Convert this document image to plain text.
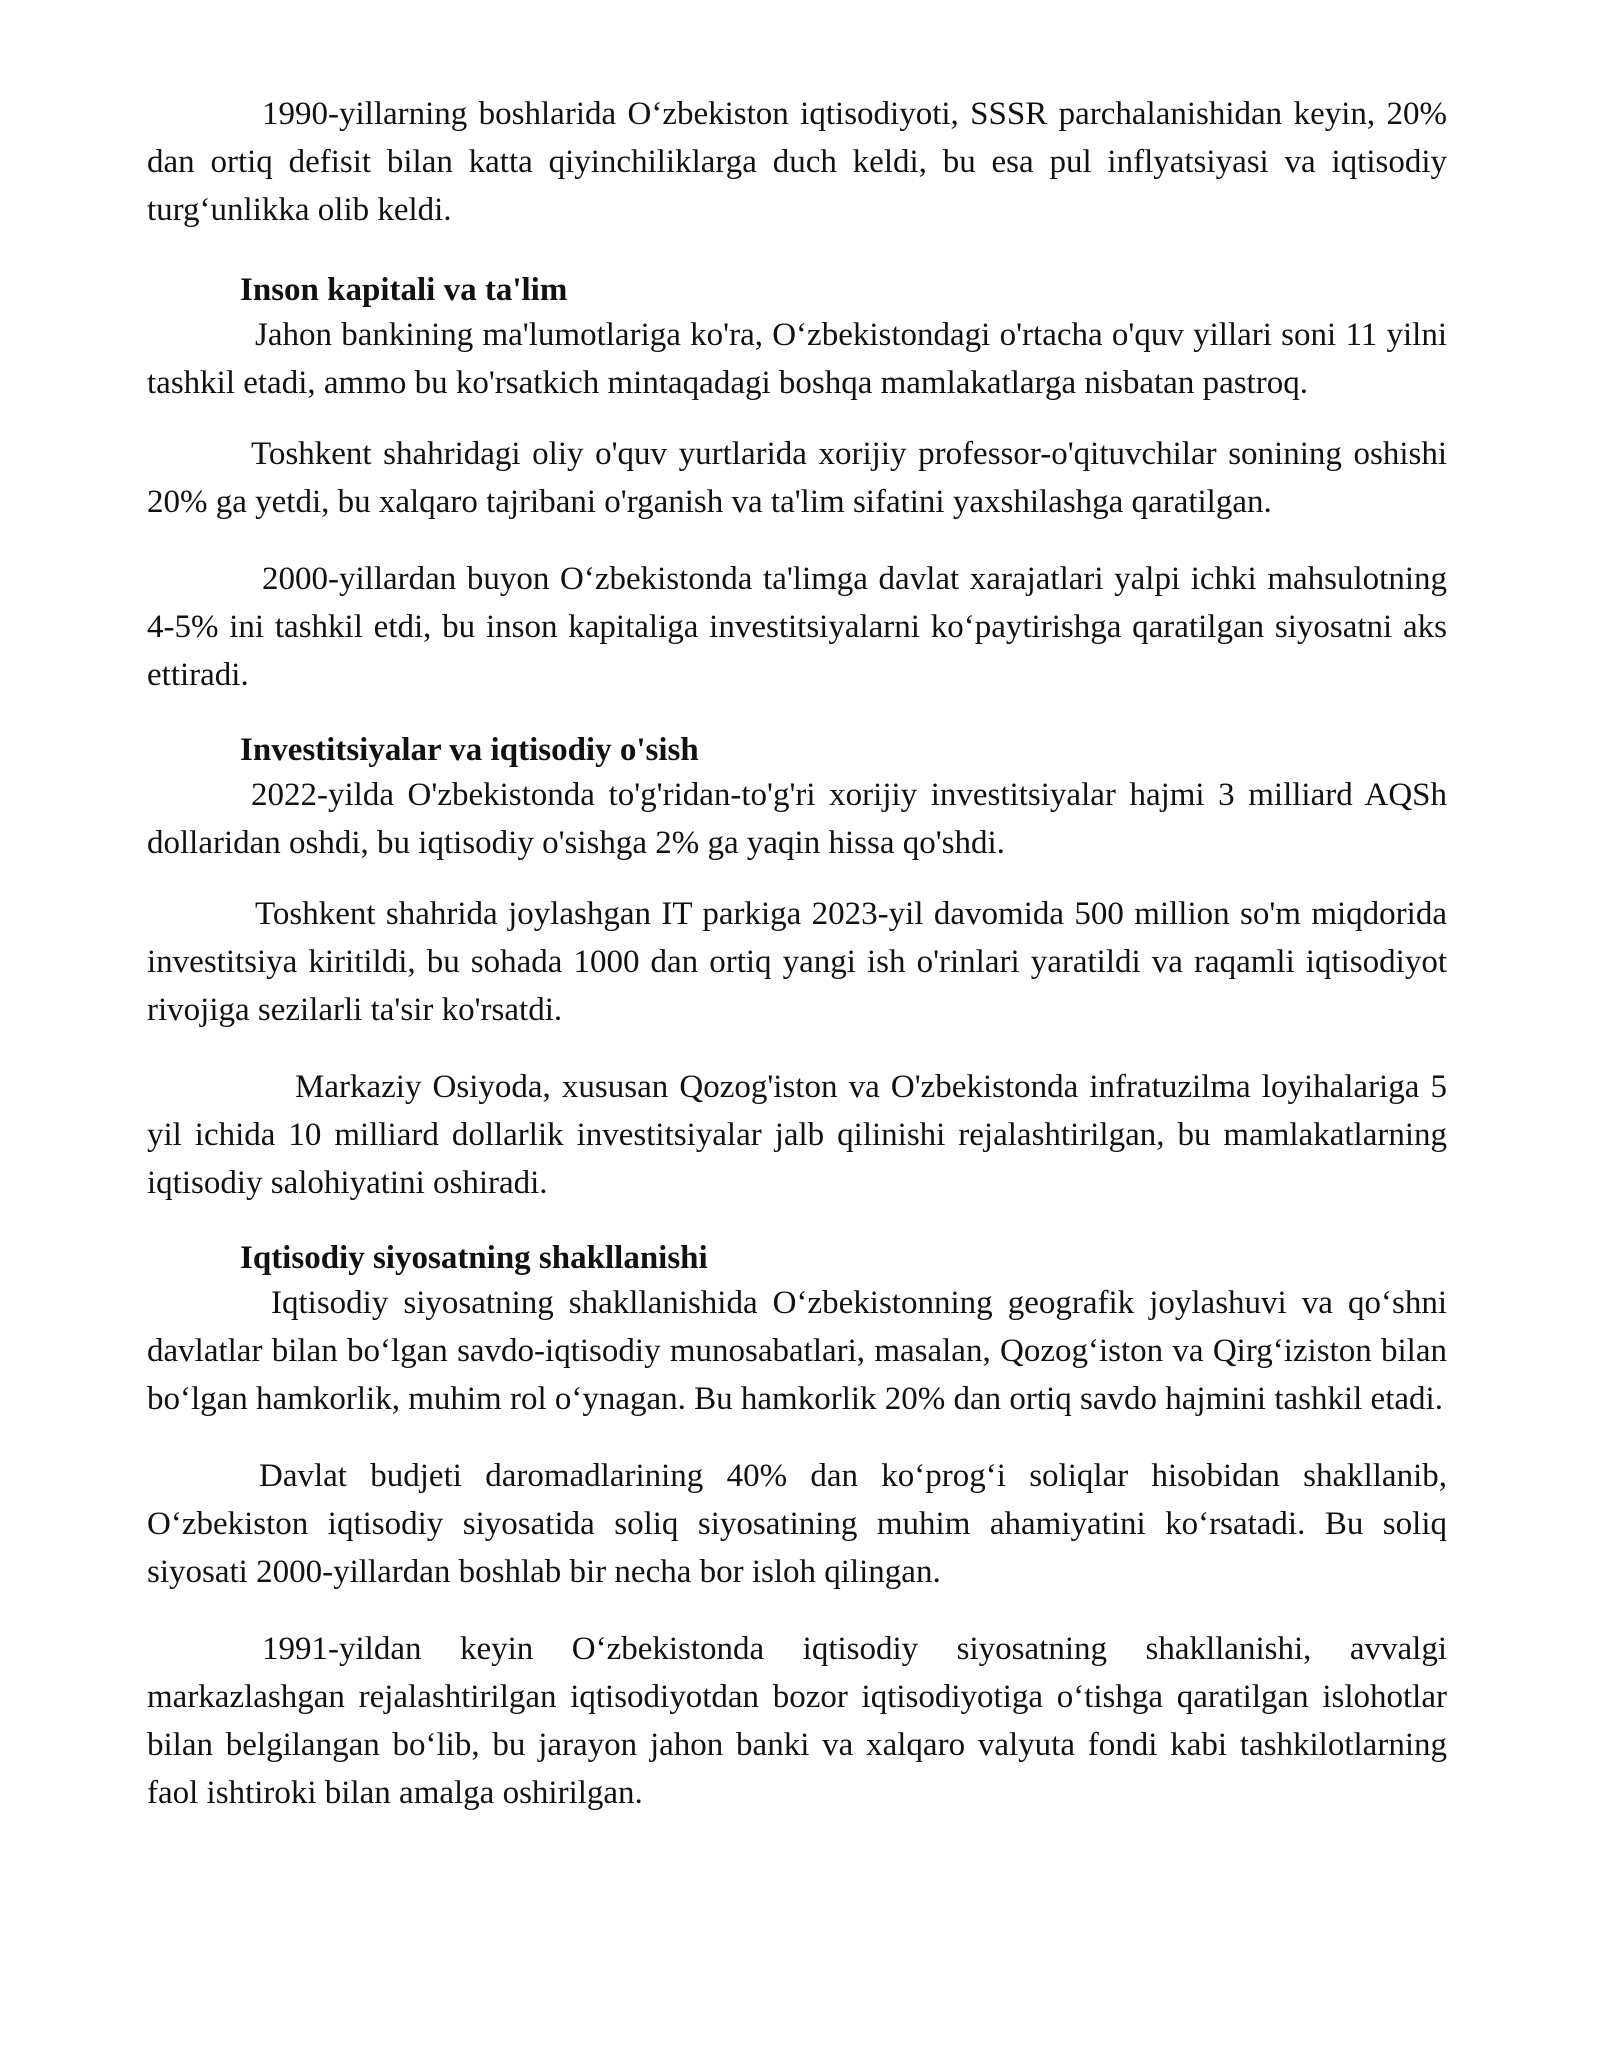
1990-yillarning boshlarida O‘zbekiston iqtisodiyoti, SSSR parchalanishidan keyin, 20% dan ortiq defisit bilan katta qiyinchiliklarga duch keldi, bu esa pul inflyatsiyasi va iqtisodiy turg‘unlikka olib keldi.

Inson kapitali va ta'lim

Jahon bankining ma'lumotlariga ko'ra, O‘zbekistondagi o'rtacha o'quv yillari soni 11 yilni tashkil etadi, ammo bu ko'rsatkich mintaqadagi boshqa mamlakatlarga nisbatan pastroq.

Toshkent shahridagi oliy o'quv yurtlarida xorijiy professor-o'qituvchilar sonining oshishi 20% ga yetdi, bu xalqaro tajribani o'rganish va ta'lim sifatini yaxshilashga qaratilgan.

2000-yillardan buyon O‘zbekistonda ta'limga davlat xarajatlari yalpi ichki mahsulotning 4-5% ini tashkil etdi, bu inson kapitaliga investitsiyalarni ko‘paytirishga qaratilgan siyosatni aks ettiradi.

Investitsiyalar va iqtisodiy o'sish

2022-yilda O'zbekistonda to'g'ridan-to'g'ri xorijiy investitsiyalar hajmi 3 milliard AQSh dollaridan oshdi, bu iqtisodiy o'sishga 2% ga yaqin hissa qo'shdi.

Toshkent shahrida joylashgan IT parkiga 2023-yil davomida 500 million so'm miqdorida investitsiya kiritildi, bu sohada 1000 dan ortiq yangi ish o'rinlari yaratildi va raqamli iqtisodiyot rivojiga sezilarli ta'sir ko'rsatdi.

Markaziy Osiyoda, xususan Qozog'iston va O'zbekistonda infratuzilma loyihalariga 5 yil ichida 10 milliard dollarlik investitsiyalar jalb qilinishi rejalashtirilgan, bu mamlakatlarning iqtisodiy salohiyatini oshiradi.

Iqtisodiy siyosatning shakllanishi

Iqtisodiy siyosatning shakllanishida O‘zbekistonning geografik joylashuvi va qo‘shni davlatlar bilan bo‘lgan savdo-iqtisodiy munosabatlari, masalan, Qozog‘iston va Qirg‘iziston bilan bo‘lgan hamkorlik, muhim rol o‘ynagan. Bu hamkorlik 20% dan ortiq savdo hajmini tashkil etadi.

Davlat budjeti daromadlarining 40% dan ko‘prog‘i soliqlar hisobidan shakllanib, O‘zbekiston iqtisodiy siyosatida soliq siyosatining muhim ahamiyatini ko‘rsatadi. Bu soliq siyosati 2000-yillardan boshlab bir necha bor isloh qilingan.

1991-yildan keyin O‘zbekistonda iqtisodiy siyosatning shakllanishi, avvalgi markazlashgan rejalashtirilgan iqtisodiyotdan bozor iqtisodiyotiga o‘tishga qaratilgan islohotlar bilan belgilangan bo‘lib, bu jarayon jahon banki va xalqaro valyuta fondi kabi tashkilotlarning faol ishtiroki bilan amalga oshirilgan.
